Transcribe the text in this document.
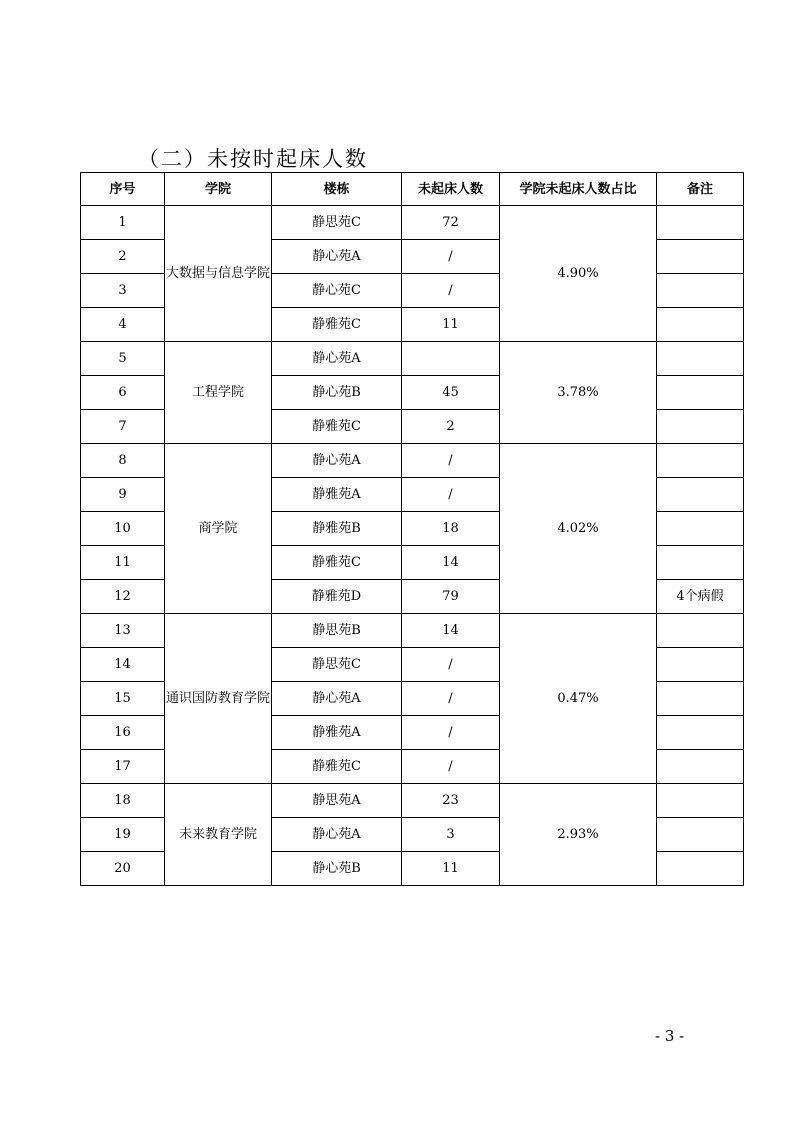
（二）未按时起床人数
序号	学院	楼栋	未起床人数	学院未起床人数占比	备注
1	大数据与信息学院	静思苑C	72	4.90%	
2		静心苑A	/		
3		静心苑C	/		
4		静雅苑C	11		
5	工程学院	静心苑A		3.78%	
6		静心苑B	45		
7		静雅苑C	2		
8	商学院	静心苑A	/	4.02%	
9		静雅苑A	/		
10		静雅苑B	18		
11		静雅苑C	14		
12		静雅苑D	79		4个病假
13	通识国防教育学院	静思苑B	14	0.47%	
14		静思苑C	/		
15		静心苑A	/		
16		静雅苑A	/		
17		静雅苑C	/		
18	未来教育学院	静思苑A	23	2.93%	
19		静心苑A	3		
20		静心苑B	11		
- 3 -
